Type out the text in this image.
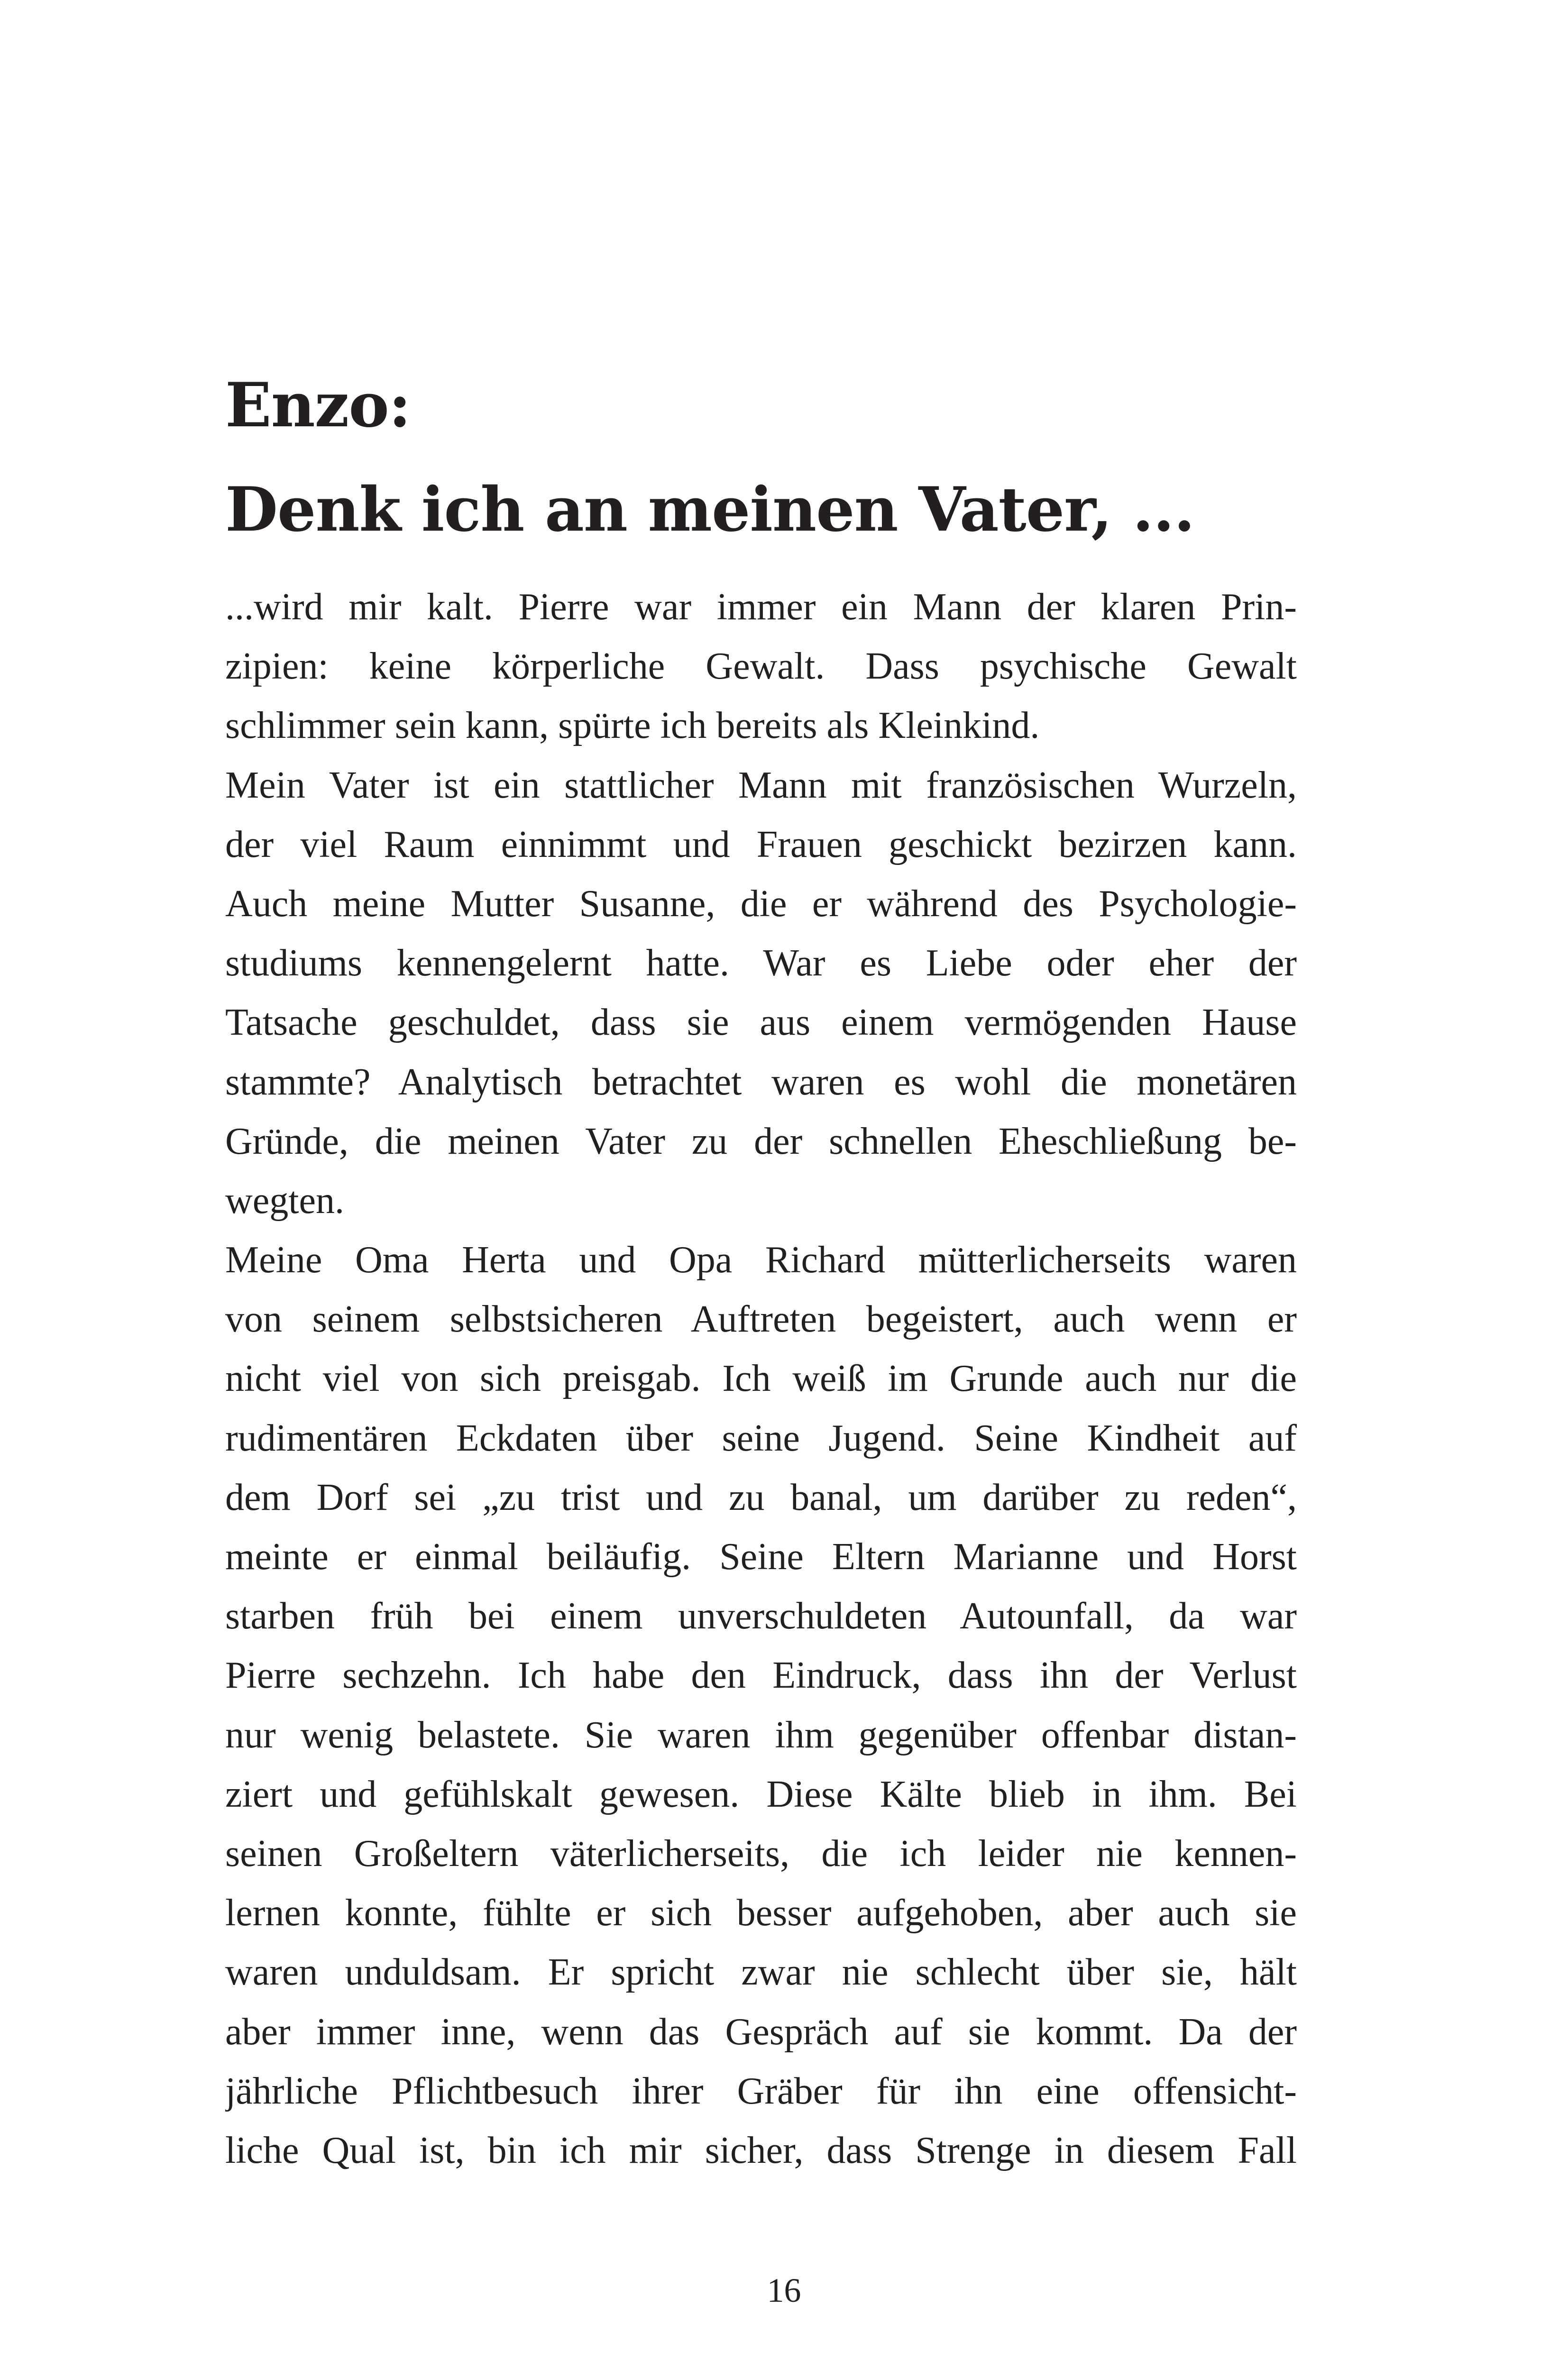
Enzo:
Denk ich an meinen Vater, ...
...wird mir kalt. Pierre war immer ein Mann der klaren Prin-
zipien: keine körperliche Gewalt. Dass psychische Gewalt
schlimmer sein kann, spürte ich bereits als Kleinkind.
Mein Vater ist ein stattlicher Mann mit französischen Wurzeln,
der viel Raum einnimmt und Frauen geschickt bezirzen kann.
Auch meine Mutter Susanne, die er während des Psychologie-
studiums kennengelernt hatte. War es Liebe oder eher der
Tatsache geschuldet, dass sie aus einem vermögenden Hause
stammte? Analytisch betrachtet waren es wohl die monetären
Gründe, die meinen Vater zu der schnellen Eheschließung be-
wegten.
Meine Oma Herta und Opa Richard mütterlicherseits waren
von seinem selbstsicheren Auftreten begeistert, auch wenn er
nicht viel von sich preisgab. Ich weiß im Grunde auch nur die
rudimentären Eckdaten über seine Jugend. Seine Kindheit auf
dem Dorf sei „zu trist und zu banal, um darüber zu reden“,
meinte er einmal beiläufig. Seine Eltern Marianne und Horst
starben früh bei einem unverschuldeten Autounfall, da war
Pierre sechzehn. Ich habe den Eindruck, dass ihn der Verlust
nur wenig belastete. Sie waren ihm gegenüber offenbar distan-
ziert und gefühlskalt gewesen. Diese Kälte blieb in ihm. Bei
seinen Großeltern väterlicherseits, die ich leider nie kennen-
lernen konnte, fühlte er sich besser aufgehoben, aber auch sie
waren unduldsam. Er spricht zwar nie schlecht über sie, hält
aber immer inne, wenn das Gespräch auf sie kommt. Da der
jährliche Pflichtbesuch ihrer Gräber für ihn eine offensicht-
liche Qual ist, bin ich mir sicher, dass Strenge in diesem Fall
16
